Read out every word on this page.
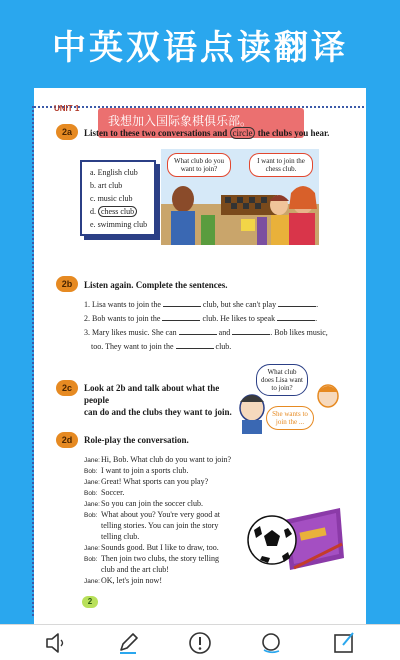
中英双语点读翻译
UNIT 1
我想加入国际象棋俱乐部。
2a	Listen to these two conversations and circle the clubs you hear.
a. English club
b. art club
c. music club
d. chess club
e. swimming club
What club do you want to join?
I want to join the chess club.
2b	Listen again. Complete the sentences.
1. Lisa wants to join the	club, but she can't play	.
2. Bob wants to join the	club. He likes to speak	.
3. Mary likes music. She can	and	. Bob likes music,
too. They want to join the	club.
2c	Look at 2b and talk about what the people
can do and the clubs they want to join.
What club does Lisa want to join?
She wants to join the ...
2d	Role-play the conversation.
Jane:Hi, Bob. What club do you want to join?
Bob: I want to join a sports club.
Jane:Great! What sports can you play?
Bob: Soccer.
Jane:So you can join the soccer club.
Bob: What about you? You're very good at
telling stories. You can join the story
telling club.
Jane:Sounds good. But I like to draw, too.
Bob: Then join two clubs, the story telling
club and the art club!
Jane:OK, let's join now!
2
